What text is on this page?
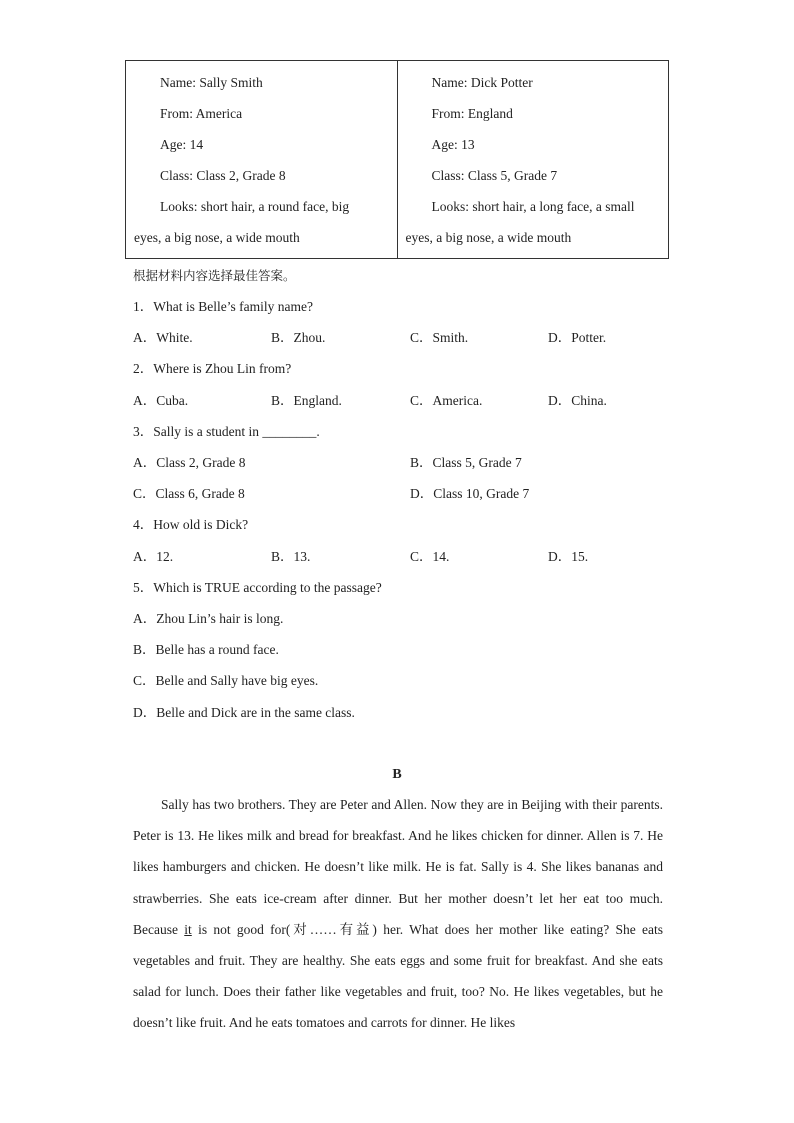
Name: Sally Smith
From: America
Age: 14
Class: Class 2, Grade 8
Looks: short hair, a round face, big
eyes, a big nose, a wide mouth

Name: Dick Potter
From: England
Age: 13
Class: Class 5, Grade 7
Looks: short hair, a long face, a small
eyes, a big nose, a wide mouth
根据材料内容选择最佳答案。
1．What is Belle’s family name?
A．White.	B．Zhou.	C．Smith.	D．Potter.
2．Where is Zhou Lin from?
A．Cuba.	B．England.	C．America.	D．China.
3．Sally is a student in ________.
A．Class 2, Grade 8	B．Class 5, Grade 7
C．Class 6, Grade 8	D．Class 10, Grade 7
4．How old is Dick?
A．12.	B．13.	C．14.	D．15.
5．Which is TRUE according to the passage?
A．Zhou Lin’s hair is long.
B．Belle has a round face.
C．Belle and Sally have big eyes.
D．Belle and Dick are in the same class.
B

Sally has two brothers. They are Peter and Allen. Now they are in Beijing with their parents. Peter is 13. He likes milk and bread for breakfast. And he likes chicken for dinner. Allen is 7. He likes hamburgers and chicken. He doesn’t like milk. He is fat. Sally is 4. She likes bananas and strawberries. She eats ice-cream after dinner. But her mother doesn’t let her eat too much. Because it is not good for(对……有益) her. What does her mother like eating? She eats vegetables and fruit. They are healthy. She eats eggs and some fruit for breakfast. And she eats salad for lunch. Does their father like vegetables and fruit, too? No. He likes vegetables, but he doesn’t like fruit. And he eats tomatoes and carrots for dinner. He likes
